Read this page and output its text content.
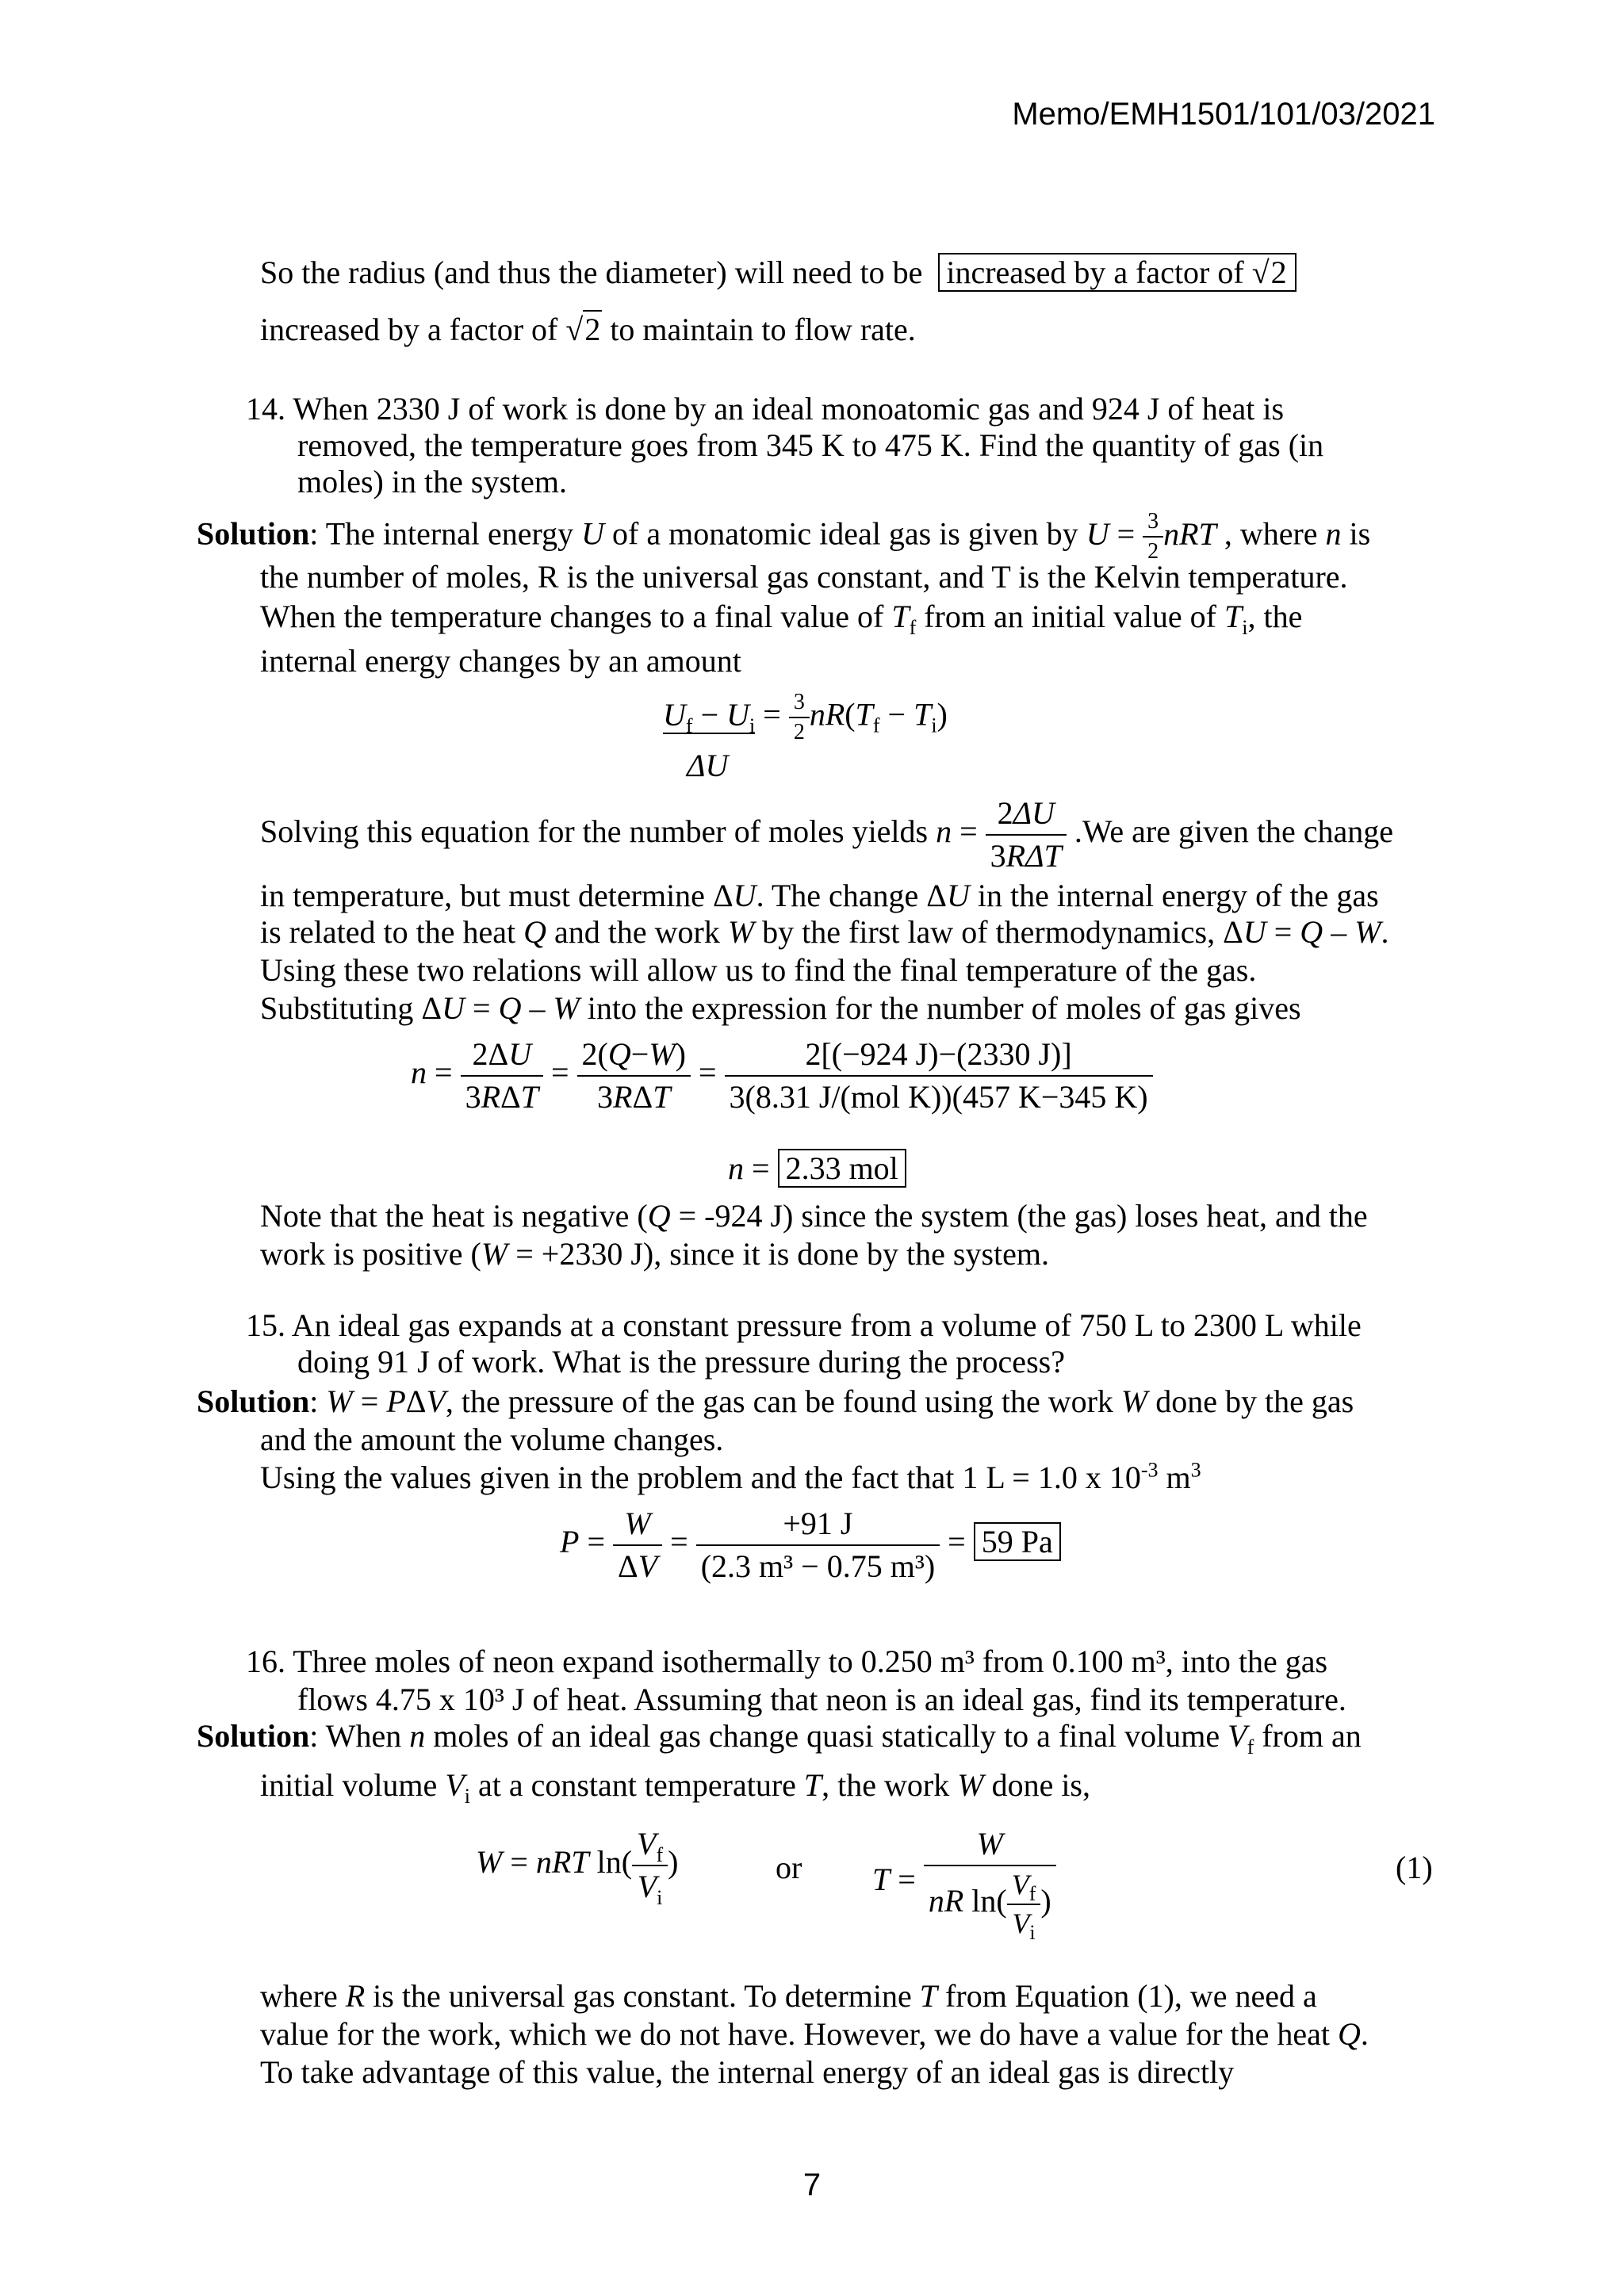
Memo/EMH1501/101/03/2021
So the radius (and thus the diameter) will need to be increased by a factor of √2
increased by a factor of √2 to maintain to flow rate.
14. When 2330 J of work is done by an ideal monoatomic gas and 924 J of heat is
removed, the temperature goes from 345 K to 475 K. Find the quantity of gas (in
moles) in the system.
Solution: The internal energy U of a monatomic ideal gas is given by $U = \frac{3}{2}$ nRT , where n is
the number of moles, R is the universal gas constant, and T is the Kelvin temperature.
When the temperature changes to a final value of $T_f$ from an initial value of $T_i$, the
internal energy changes by an amount
$U_f - U_i = \frac{3}{2} nR(T_f - T_i)$
ΔU
Solving this equation for the number of moles yields $n = \frac{2\Delta U}{\text{3RΔT}} .We$ are given the change
in temperature, but must determine ΔU. The change ΔU in the internal energy of the gas
is related to the heat Q and the work W by the first law of thermodynamics, ΔU = Q – W.
Using these two relations will allow us to find the final temperature of the gas.
Substituting ΔU = Q – W into the expression for the number of moles of gas gives
$n = \frac{2\Delta U}{\text{3RΔT}} = \frac{2(Q-W)}{\text{3RΔT}} = \frac{2[(-924 J)-(2330 J)]}{\text{3(8.31 J/(mol K))(457 K−345 K)}}$
n = 2.33 mol
Note that the heat is negative (Q = -924 J) since the system (the gas) loses heat, and the
work is positive (W = +2330 J), since it is done by the system.
15. An ideal gas expands at a constant pressure from a volume of 750 L to 2300 L while
doing 91 J of work. What is the pressure during the process?
Solution: W = PΔV, the pressure of the gas can be found using the work W done by the gas
and the amount the volume changes.
Using the values given in the problem and the fact that 1 L = 1.0 x $10^{-3}$ $m^3$
$P = \frac{W}{\Delta V} = \frac{+91 J}{\text{(2.3 m³ − 0.75 m³)}} = 59$ Pa
16. Three moles of neon expand isothermally to 0.250 m³ from 0.100 m³, into the gas
flows 4.75 x 10³ J of heat. Assuming that neon is an ideal gas, find its temperature.
Solution: When n moles of an ideal gas change quasi statically to a final volume $V_f$ from an
initial volume $V_i$ at a constant temperature T, the work W done is,
W = nRT $\ln( \frac{V_f}{V_i}$ )	or $T = \frac{W}{nR \ln( \frac{V_f}{V_i} )}$	(1)
where R is the universal gas constant. To determine T from Equation (1), we need a
value for the work, which we do not have. However, we do have a value for the heat Q.
To take advantage of this value, the internal energy of an ideal gas is directly
7
